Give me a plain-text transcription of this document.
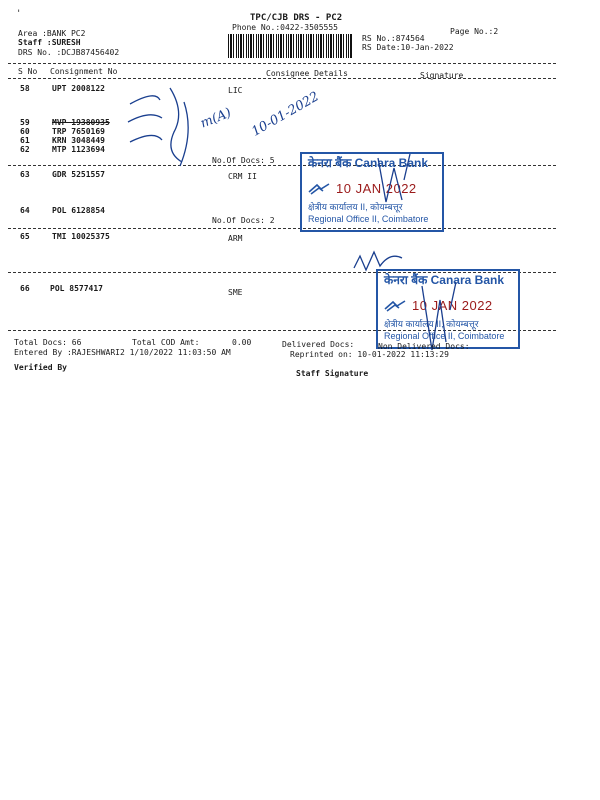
'	TPC/CJB DRS - PC2
Phone No.:0422-3505555	Page No.:2
Area :BANK PC2
Staff :SURESH
DRS No. :DCJB87456402
RS No.:874564
RS Date:10-Jan-2022
S No Consignment No	Consignee Details	Signature
58	UPT 2008122	LIC
59	MVP 19380935
60	TRP 7650169
61	KRN 3048449
62	MTP 1123694
No.Of Docs: 5
63	GDR 5251557	CRM II
64	POL 6128854
No.Of Docs: 2
65	TMI 10025375	ARM
66	POL 8577417	SME
केनरा बैंक Canara Bank
10 JAN 2022
क्षेत्रीय कार्यालय II, कोयम्बत्तूर
Regional Office II, Coimbatore
केनरा बैंक Canara Bank
10 JAN 2022
क्षेत्रीय कार्यालय II, कोयम्बत्तूर
Regional Office II, Coimbatore
m(A) 10-01-2022
Total Docs: 66	Total COD Amt:	0.00	Delivered Docs:	Non Delivered Docs:
Entered By :RAJESHWARI2 1/10/2022 11:03:50 AM	Reprinted on: 10-01-2022 11:13:29
Verified By
Staff Signature
